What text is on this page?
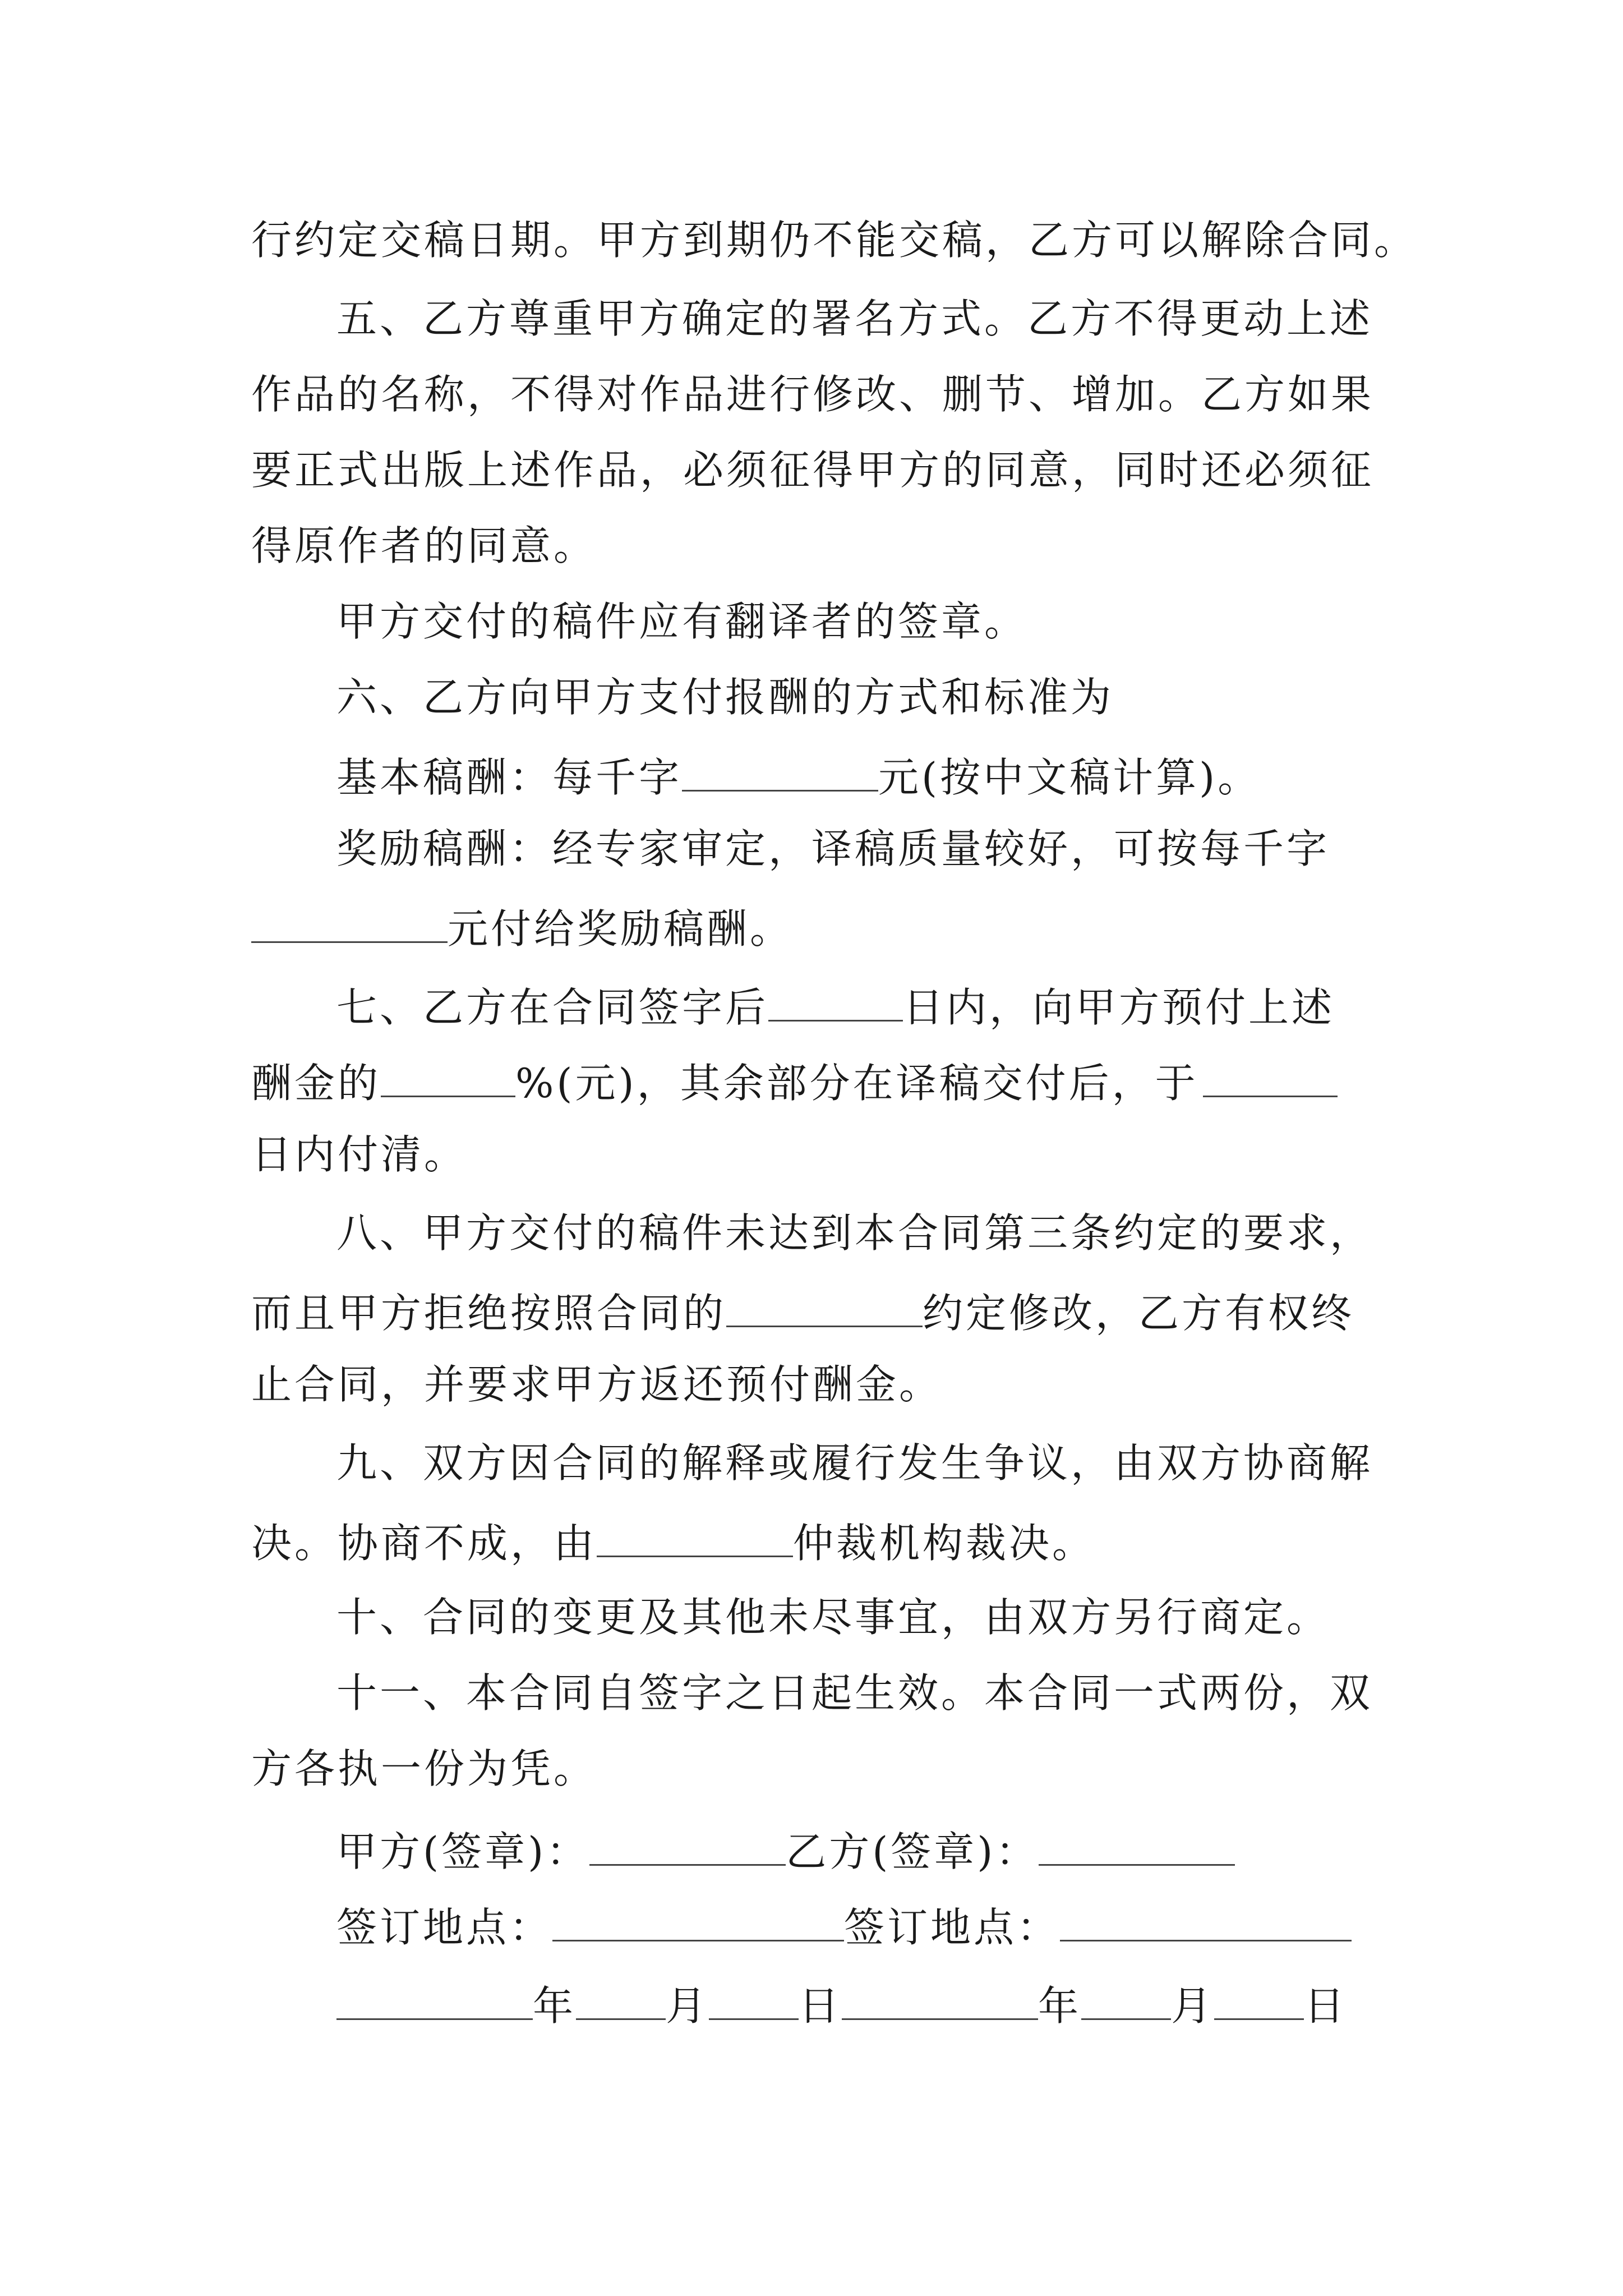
行约定交稿日期。甲方到期仍不能交稿，乙方可以解除合同。
五、乙方尊重甲方确定的署名方式。乙方不得更动上述
作品的名称，不得对作品进行修改、删节、增加。乙方如果
要正式出版上述作品，必须征得甲方的同意，同时还必须征
得原作者的同意。
甲方交付的稿件应有翻译者的签章。
六、乙方向甲方支付报酬的方式和标准为
基本稿酬：每千字	元(按中文稿计算)。
奖励稿酬：经专家审定，译稿质量较好，可按每千字
元付给奖励稿酬。
七、乙方在合同签字后	日内，向甲方预付上述
酬金的	%(元)，其余部分在译稿交付后，于
日内付清。
八、甲方交付的稿件未达到本合同第三条约定的要求，
而且甲方拒绝按照合同的	约定修改，乙方有权终
止合同，并要求甲方返还预付酬金。
九、双方因合同的解释或履行发生争议，由双方协商解
决。协商不成，由	仲裁机构裁决。
十、合同的变更及其他未尽事宜，由双方另行商定。
十一、本合同自签字之日起生效。本合同一式两份，双
方各执一份为凭。
甲方(签章)：	乙方(签章)：
签订地点：	签订地点：
年 月 日	年 月 日
